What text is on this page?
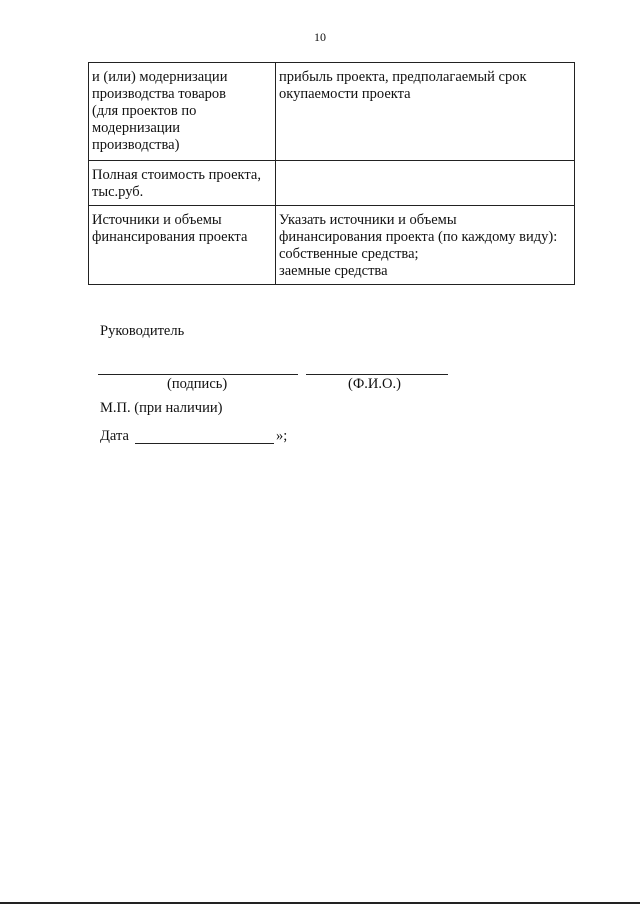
10
и (или) модернизации
производства товаров
(для проектов по
модернизации
производства)	прибыль проекта, предполагаемый срок
окупаемости проекта

Полная стоимость проекта,
тыс.руб.	

Источники и объемы
финансирования проекта	Указать источники и объемы
финансирования проекта (по каждому виду):
собственные средства;
заемные средства
Руководитель
(подпись)	(Ф.И.О.)
М.П. (при наличии)
Дата	»;
